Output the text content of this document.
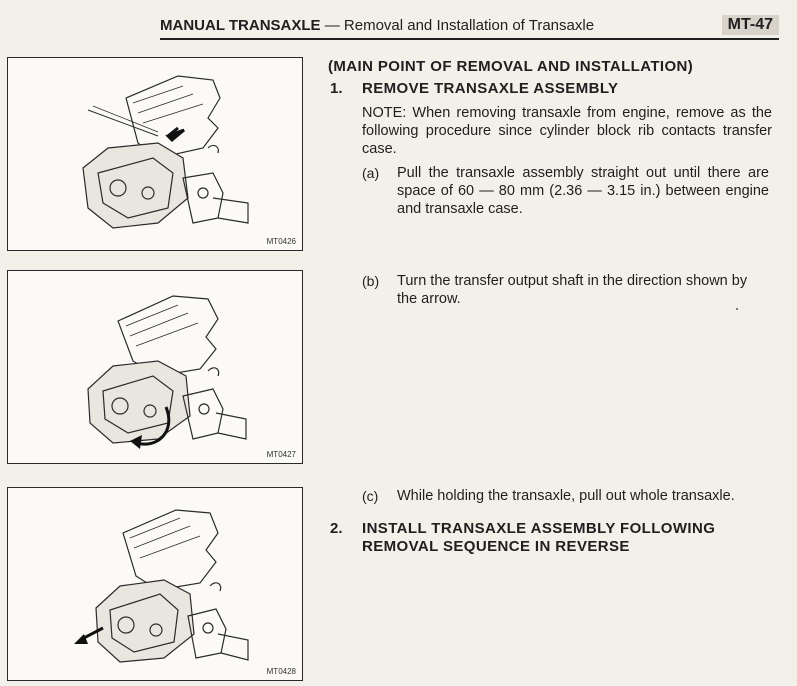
MANUAL TRANSAXLE — Removal and Installation of Transaxle	MT-47
MT0426
MT0427
MT0428
(MAIN POINT OF REMOVAL AND INSTALLATION)
1. REMOVE TRANSAXLE ASSEMBLY
NOTE: When removing transaxle from engine, remove as the following procedure since cylinder block rib contacts transfer case.
(a) Pull the transaxle assembly straight out until there are space of 60 — 80 mm (2.36 — 3.15 in.) between engine and transaxle case.
(b) Turn the transfer output shaft in the direction shown by the arrow.
(c) While holding the transaxle, pull out whole transaxle.
2. INSTALL TRANSAXLE ASSEMBLY FOLLOWING REMOVAL SEQUENCE IN REVERSE
